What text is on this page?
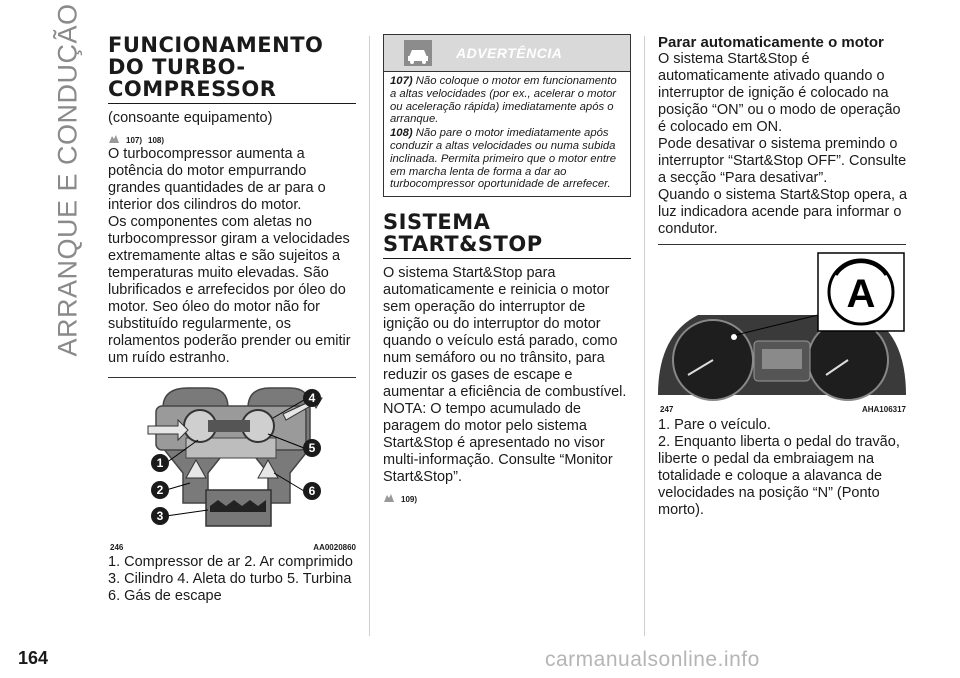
ARRANQUE E CONDUÇÃO FUNCIONAMENTO
DO TURBO-
COMPRESSOR

(consoante equipamento)

107) 108)

O turbocompressor aumenta a potência do motor empurrando grandes quantidades de ar para o interior dos cilindros do motor.

Os componentes com aletas no turbocompressor giram a velocidades extremamente altas e são sujeitos a temperaturas muito elevadas. São lubrificados e arrefecidos por óleo do motor. Seo óleo do motor não for substituído regularmente, os rolamentos poderão prender ou emitir um ruído estranho.

1
2
3
4
5
6
246	AA0020860

1. Compressor de ar 2. Ar comprimido 3. Cilindro 4. Aleta do turbo 5. Turbina 6. Gás de escape

ADVERTÊNCIA

107) Não coloque o motor em funcionamento a altas velocidades (por ex., acelerar o motor ou aceleração rápida) imediatamente após o arranque.

108) Não pare o motor imediatamente após conduzir a altas velocidades ou numa subida inclinada. Permita primeiro que o motor entre em marcha lenta de forma a dar ao turbocompressor oportunidade de arrefecer.

SISTEMA
START&STOP

O sistema Start&Stop para automaticamente e reinicia o motor sem operação do interruptor de ignição ou do interruptor do motor quando o veículo está parado, como num semáforo ou no trânsito, para reduzir os gases de escape e aumentar a eficiência de combustível.

NOTA: O tempo acumulado de paragem do motor pelo sistema Start&Stop é apresentado no visor multi-informação. Consulte “Monitor Start&Stop”.

109)
Parar automaticamente o motor

O sistema Start&Stop é automaticamente ativado quando o interruptor de ignição é colocado na posição “ON” ou o modo de operação é colocado em ON.

Pode desativar o sistema premindo o interruptor “Start&Stop OFF”. Consulte a secção “Para desativar”.

Quando o sistema Start&Stop opera, a luz indicadora acende para informar o condutor.

A
247	AHA106317

1. Pare o veículo.

2. Enquanto liberta o pedal do travão, liberte o pedal da embraiagem na totalidade e coloque a alavanca de velocidades na posição “N” (Ponto morto).

164	carmanualsonline.info
